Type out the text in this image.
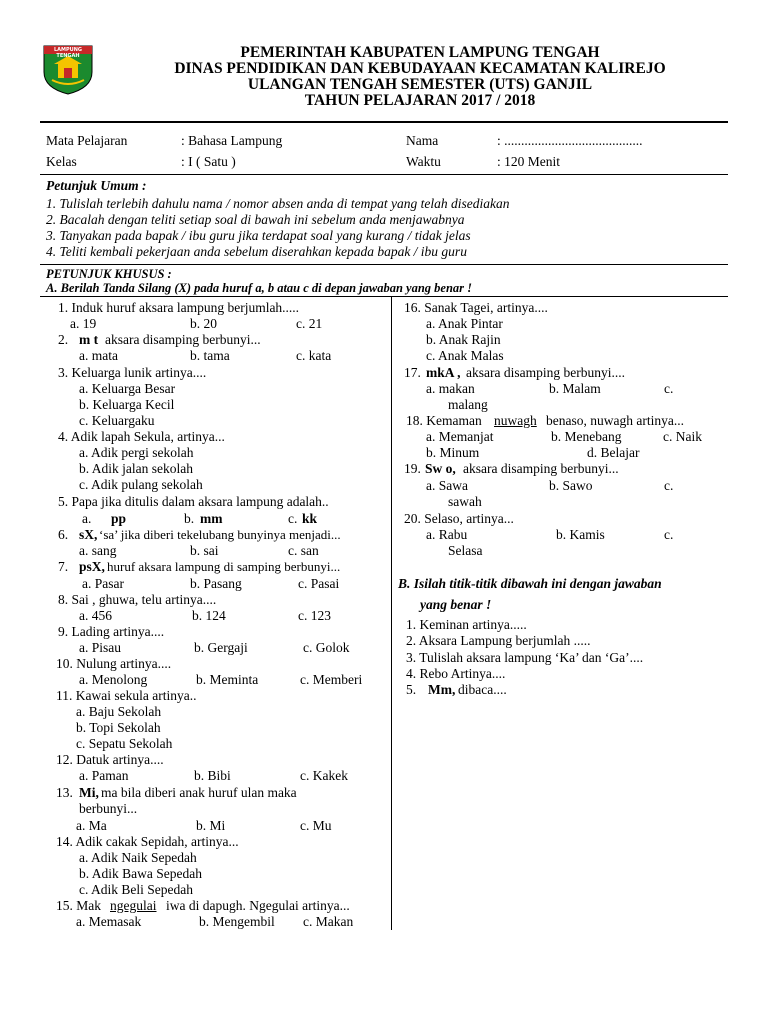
LAMPUNG TENGAH	PEMERINTAH KABUPATEN LAMPUNG TENGAH
DINAS PENDIDIKAN DAN KEBUDAYAAN KECAMATAN KALIREJO
ULANGAN TENGAH SEMESTER (UTS) GANJIL
TAHUN PELAJARAN 2017 / 2018
Mata Pelajaran	: Bahasa Lampung	Nama	: .........................................
Kelas	: I ( Satu )	Waktu	: 120 Menit
Petunjuk Umum :
1. Tulislah terlebih dahulu nama / nomor absen anda di tempat yang telah disediakan
2. Bacalah dengan teliti setiap soal di bawah ini sebelum anda menjawabnya
3. Tanyakan pada bapak / ibu guru jika terdapat soal yang kurang / tidak jelas
4. Teliti kembali pekerjaan anda sebelum diserahkan kepada bapak / ibu guru
PETUNJUK KHUSUS :
A. Berilah Tanda Silang (X) pada huruf a, b atau c di depan jawaban yang benar !
1. Induk huruf aksara lampung berjumlah.....
a. 19	b. 20	c. 21
2. m t aksara disamping berbunyi...
a. mata	b. tama	c. kata
3. Keluarga lunik artinya....
a. Keluarga Besar
b. Keluarga Kecil
c. Keluargaku
4. Adik lapah Sekula, artinya...
a. Adik pergi sekolah
b. Adik jalan sekolah
c. Adik pulang sekolah
5. Papa jika ditulis dalam aksara lampung adalah..
a. pp	b. mm	c. kk
6. sX, ‘sa’ jika diberi tekelubang bunyinya menjadi...
a. sang	b. sai	c. san
7. psX, huruf aksara lampung di samping berbunyi...
a. Pasar	b. Pasang	c. Pasai
8. Sai , ghuwa, telu artinya....
a. 456	b. 124	c. 123
9. Lading artinya....
a. Pisau	b. Gergaji	c. Golok
10. Nulung artinya....
a. Menolong	b. Meminta	c. Memberi
11. Kawai sekula artinya..
a. Baju Sekolah
b. Topi Sekolah
c. Sepatu Sekolah
12. Datuk artinya....
a. Paman	b. Bibi	c. Kakek
13. Mi, ma bila diberi anak huruf ulan maka
berbunyi...
a. Ma	b. Mi	c. Mu
14. Adik cakak Sepidah, artinya...
a. Adik Naik Sepedah
b. Adik Bawa Sepedah
c. Adik Beli Sepedah
15. Mak ngegulai iwa di dapugh. Ngegulai artinya...
a. Memasak	b. Mengembil c. Makan
16. Sanak Tagei, artinya....
a. Anak Pintar
b. Anak Rajin
c. Anak Malas
17. mkA , aksara disamping berbunyi....
a. makan	b. Malam	c.
malang
18. Kemaman nuwagh benaso, nuwagh artinya...
a. Memanjat	b. Menebang	c. Naik
b. Minum	d. Belajar
19. Sw o, aksara disamping berbunyi...
a. Sawa	b. Sawo	c.
sawah
20. Selaso, artinya...
a. Rabu	b. Kamis	c.
Selasa
B. Isilah titik-titik dibawah ini dengan jawaban
yang benar !
1. Keminan artinya.....
2. Aksara Lampung berjumlah .....
3. Tulislah aksara lampung ‘Ka’ dan ‘Ga’....
4. Rebo Artinya....
5. Mm, dibaca....
